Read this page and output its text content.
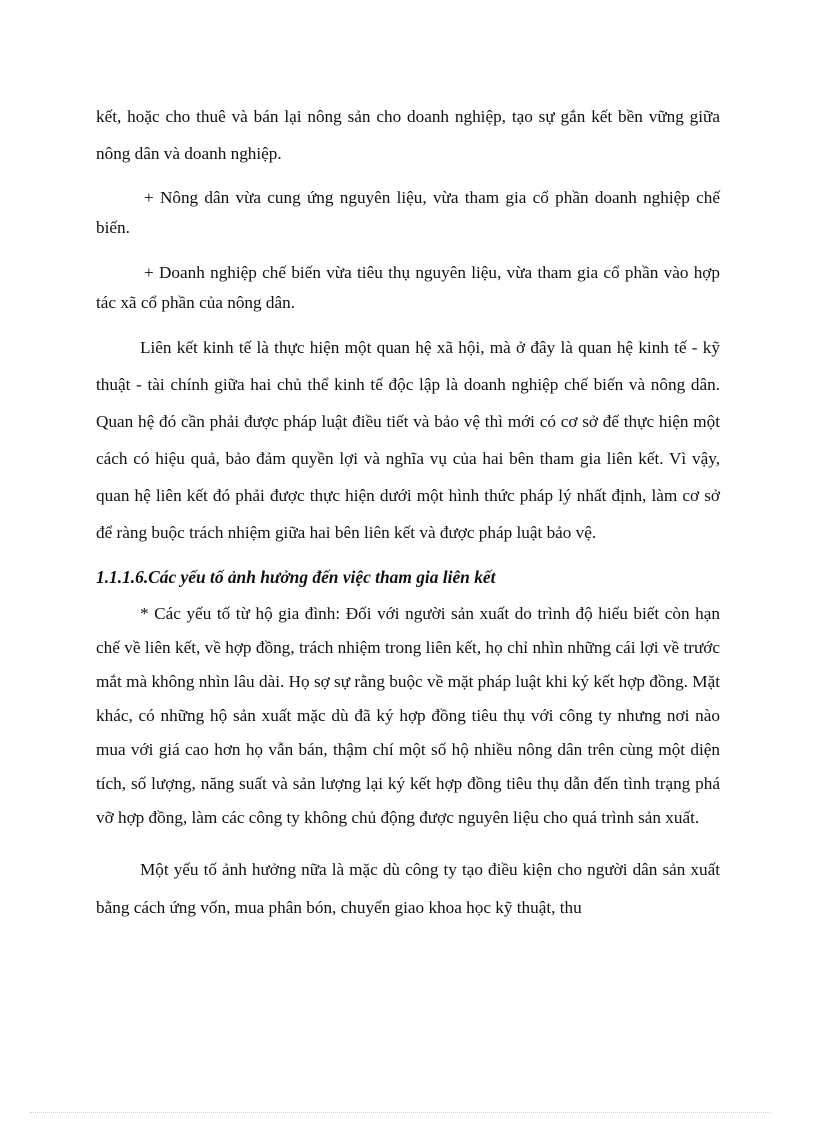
kết, hoặc cho thuê và bán lại nông sản cho doanh nghiệp, tạo sự gắn kết bền vững giữa nông dân và doanh nghiệp.

+ Nông dân vừa cung ứng nguyên liệu, vừa tham gia cổ phần doanh nghiệp chế biến.

+ Doanh nghiệp chế biến vừa tiêu thụ nguyên liệu, vừa tham gia cổ phần vào hợp tác xã cổ phần của nông dân.

Liên kết kinh tế là thực hiện một quan hệ xã hội, mà ở đây là quan hệ kinh tế - kỹ thuật - tài chính giữa hai chủ thể kinh tế độc lập là doanh nghiệp chế biến và nông dân. Quan hệ đó cần phải được pháp luật điều tiết và bảo vệ thì mới có cơ sở để thực hiện một cách có hiệu quả, bảo đảm quyền lợi và nghĩa vụ của hai bên tham gia liên kết. Vì vậy, quan hệ liên kết đó phải được thực hiện dưới một hình thức pháp lý nhất định, làm cơ sở để ràng buộc trách nhiệm giữa hai bên liên kết và được pháp luật bảo vệ.

1.1.1.6.Các yếu tố ảnh hưởng đến việc tham gia liên kết

* Các yếu tố từ hộ gia đình: Đối với người sản xuất do trình độ hiểu biết còn hạn chế về liên kết, về hợp đồng, trách nhiệm trong liên kết, họ chỉ nhìn những cái lợi về trước mắt mà không nhìn lâu dài. Họ sợ sự rằng buộc về mặt pháp luật khi ký kết hợp đồng. Mặt khác, có những hộ sản xuất mặc dù đã ký hợp đồng tiêu thụ với công ty nhưng nơi nào mua với giá cao hơn họ vẫn bán, thậm chí một số hộ nhiều nông dân trên cùng một diện tích, số lượng, năng suất và sản lượng lại ký kết hợp đồng tiêu thụ dẫn đến tình trạng phá vỡ hợp đồng, làm các công ty không chủ động được nguyên liệu cho quá trình sản xuất.

Một yếu tố ảnh hưởng nữa là mặc dù công ty tạo điều kiện cho người dân sản xuất bằng cách ứng vốn, mua phân bón, chuyển giao khoa học kỹ thuật, thu
